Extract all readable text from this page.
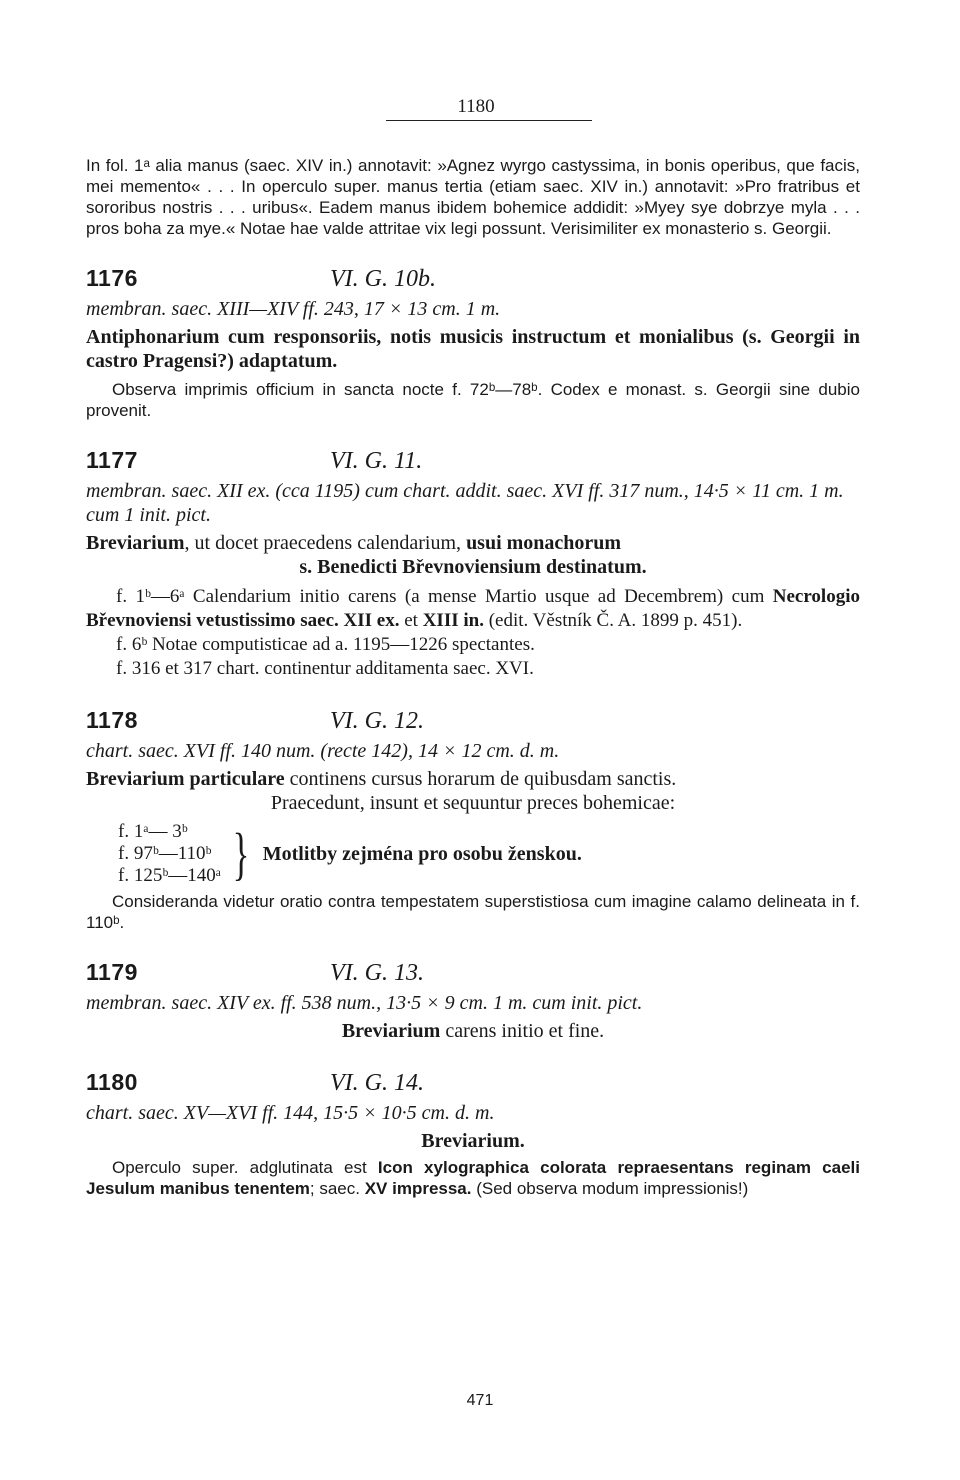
1180

In fol. 1ᵃ alia manus (saec. XIV in.) annotavit: »Agnez wyrgo castyssima, in bonis operibus, que facis, mei memento« . . . In operculo super. manus tertia (etiam saec. XIV in.) annotavit: »Pro fratribus et sororibus nostris . . . uribus«. Eadem manus ibidem bohemice addidit: »Myey sye dobrzye myla . . . pros boha za mye.« Notae hae valde attritae vix legi possunt. Verisimiliter ex monasterio s. Georgii.

1176	VI. G. 10b.
membran. saec. XIII—XIV ff. 243, 17 × 13 cm. 1 m.
Antiphonarium cum responsoriis, notis musicis instructum et monialibus (s. Georgii in castro Pragensi?) adaptatum.

Observa imprimis officium in sancta nocte f. 72ᵇ—78ᵇ. Codex e monast. s. Georgii sine dubio provenit.

1177	VI. G. 11.
membran. saec. XII ex. (cca 1195) cum chart. addit. saec. XVI ff. 317 num., 14·5 × 11 cm. 1 m. cum 1 init. pict.
Breviarium, ut docet praecedens calendarium, usui monachorum
s. Benedicti Břevnoviensium destinatum.
f. 1ᵇ—6ᵃ Calendarium initio carens (a mense Martio usque ad Decembrem) cum Necrologio Břevnoviensi vetustissimo saec. XII ex. et XIII in. (edit. Věstník Č. A. 1899 p. 451).
f. 6ᵇ Notae computisticae ad a. 1195—1226 spectantes.
f. 316 et 317 chart. continentur additamenta saec. XVI.
1178	VI. G. 12.
chart. saec. XVI ff. 140 num. (recte 142), 14 × 12 cm. d. m.
Breviarium particulare continens cursus horarum de quibusdam sanctis.
Praecedunt, insunt et sequuntur preces bohemicae:
f. 1ᵃ— 3ᵇ
f. 97ᵇ—110ᵇ
f. 125ᵇ—140ᵃ } Motlitby zejména pro osobu ženskou.

Consideranda videtur oratio contra tempestatem superstistiosa cum imagine calamo delineata in f. 110ᵇ.

1179	VI. G. 13.
membran. saec. XIV ex. ff. 538 num., 13·5 × 9 cm. 1 m. cum init. pict.
Breviarium carens initio et fine.
1180	VI. G. 14.
chart. saec. XV—XVI ff. 144, 15·5 × 10·5 cm. d. m.
Breviarium.

Operculo super. adglutinata est Icon xylographica colorata repraesentans reginam caeli Jesulum manibus tenentem; saec. XV impressa. (Sed observa modum impressionis!)

471
